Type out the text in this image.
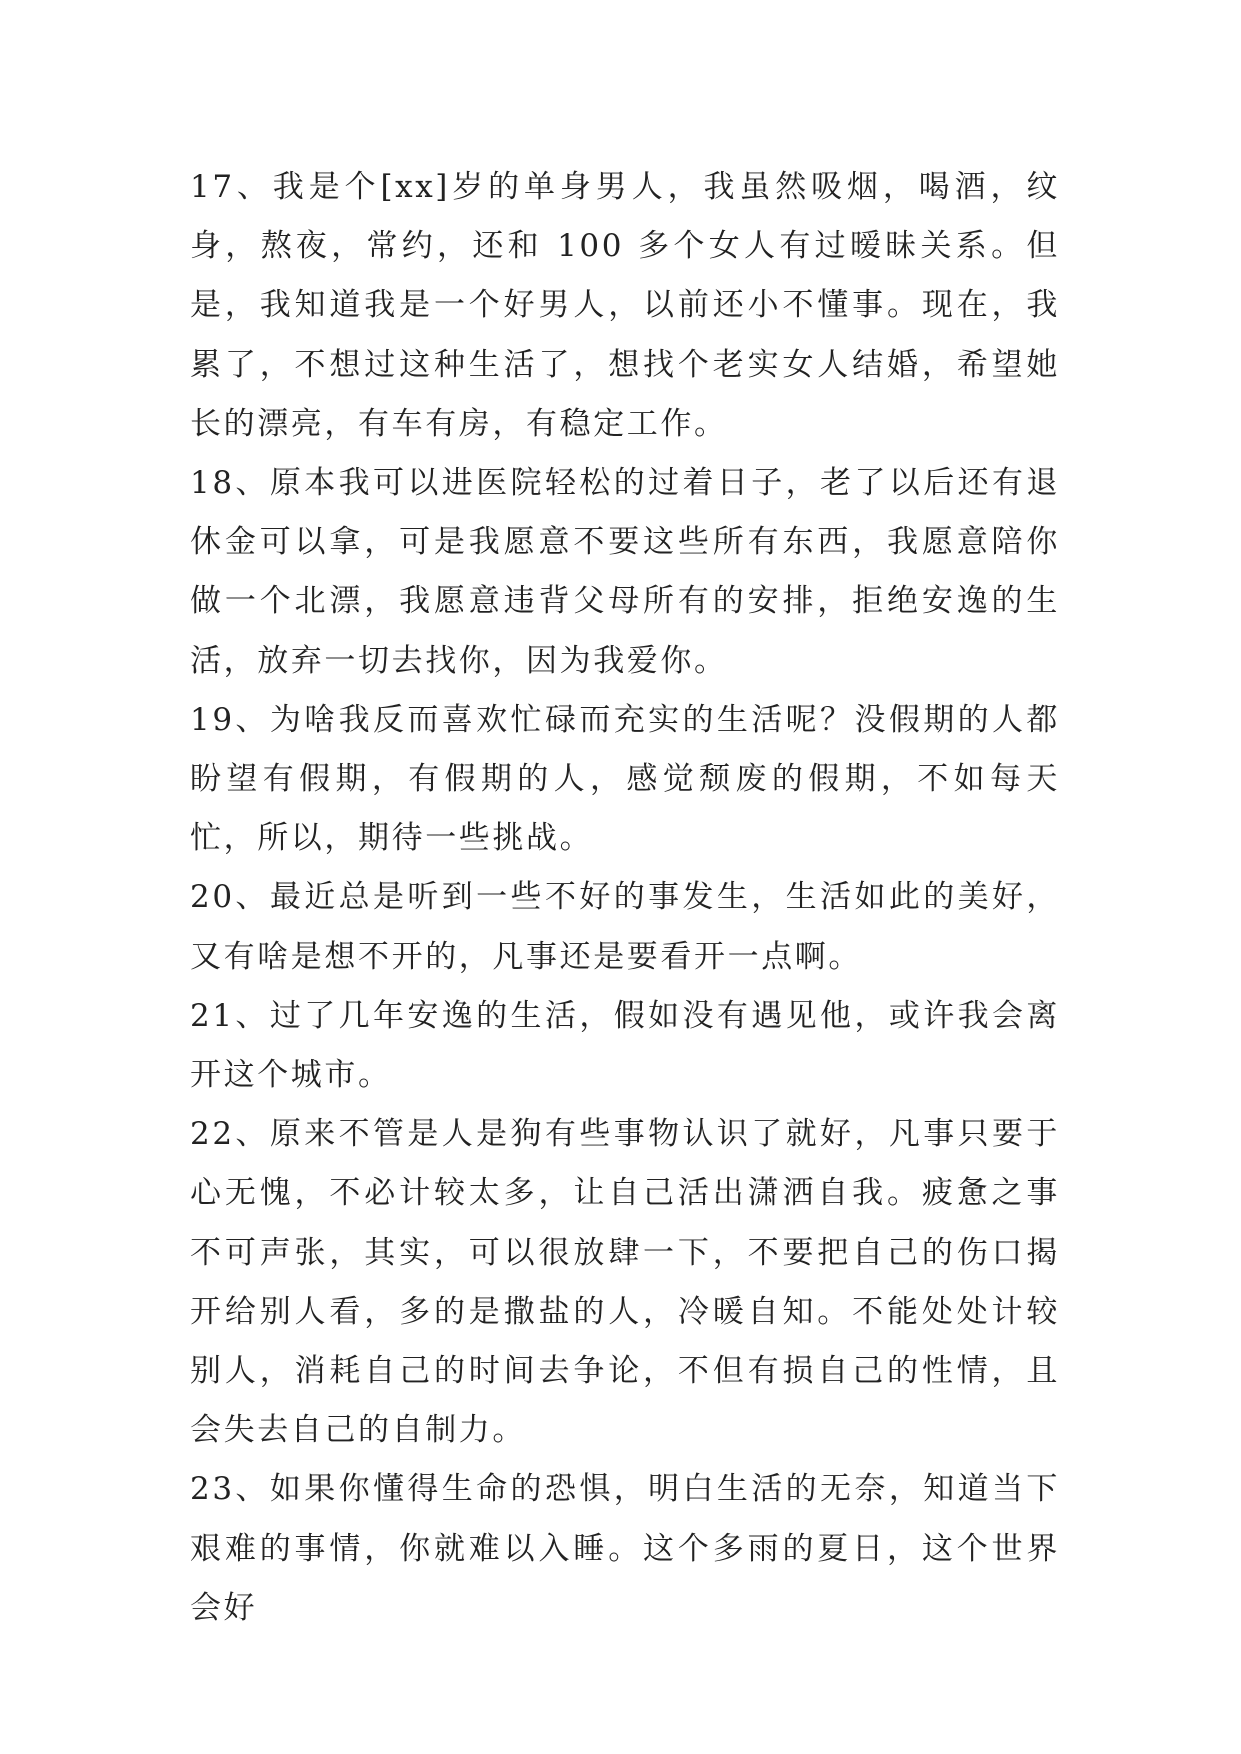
17、我是个[xx]岁的单身男人，我虽然吸烟，喝酒，纹身，熬夜，常约，还和 100 多个女人有过暧昧关系。但是，我知道我是一个好男人，以前还小不懂事。现在，我累了，不想过这种生活了，想找个老实女人结婚，希望她长的漂亮，有车有房，有稳定工作。

18、原本我可以进医院轻松的过着日子，老了以后还有退休金可以拿，可是我愿意不要这些所有东西，我愿意陪你做一个北漂，我愿意违背父母所有的安排，拒绝安逸的生活，放弃一切去找你，因为我爱你。

19、为啥我反而喜欢忙碌而充实的生活呢？没假期的人都盼望有假期，有假期的人，感觉颓废的假期，不如每天忙，所以，期待一些挑战。

20、最近总是听到一些不好的事发生，生活如此的美好，又有啥是想不开的，凡事还是要看开一点啊。

21、过了几年安逸的生活，假如没有遇见他，或许我会离开这个城市。

22、原来不管是人是狗有些事物认识了就好，凡事只要于心无愧，不必计较太多，让自己活出潇洒自我。疲惫之事不可声张，其实，可以很放肆一下，不要把自己的伤口揭开给别人看，多的是撒盐的人，冷暖自知。不能处处计较别人，消耗自己的时间去争论，不但有损自己的性情，且会失去自己的自制力。

23、如果你懂得生命的恐惧，明白生活的无奈，知道当下艰难的事情，你就难以入睡。这个多雨的夏日，这个世界会好
